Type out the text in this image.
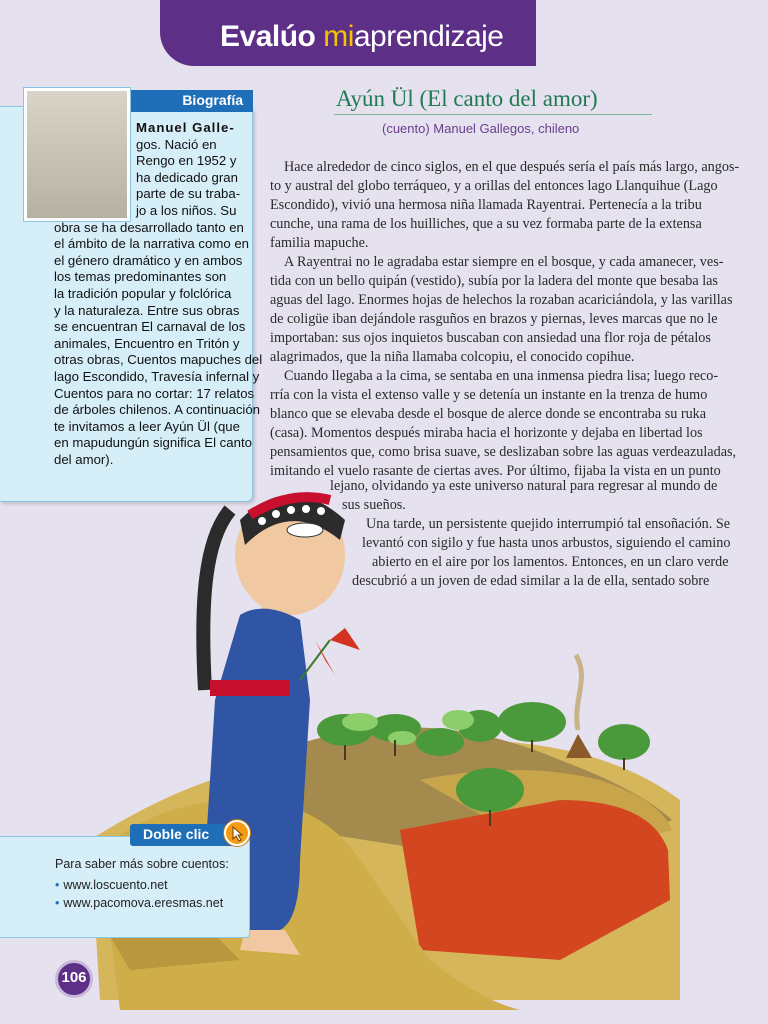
Evalúo miaprendizaje
Biografía
Manuel Galle-
gos. Nació en
Rengo en 1952 y
ha dedicado gran
parte de su traba-
jo a los niños. Su
obra se ha desarrollado tanto en
el ámbito de la narrativa como en
el género dramático y en ambos
los temas predominantes son
la tradición popular y folclórica
y la naturaleza. Entre sus obras
se encuentran El carnaval de los
animales, Encuentro en Tritón y
otras obras, Cuentos mapuches del
lago Escondido, Travesía infernal y
Cuentos para no cortar: 17 relatos
de árboles chilenos. A continuación
te invitamos a leer Ayún Ül (que
en mapudungún significa El canto
del amor).
Ayún Ül (El canto del amor)
(cuento) Manuel Gallegos, chileno
Hace alrededor de cinco siglos, en el que después sería el país más largo, angos-
to y austral del globo terráqueo, y a orillas del entonces lago Llanquihue (Lago
Escondido), vivió una hermosa niña llamada Rayentrai. Pertenecía a la tribu
cunche, una rama de los huilliches, que a su vez formaba parte de la extensa
familia mapuche.
A Rayentrai no le agradaba estar siempre en el bosque, y cada amanecer, ves-
tida con un bello quipán (vestido), subía por la ladera del monte que besaba las
aguas del lago. Enormes hojas de helechos la rozaban acariciándola, y las varillas
de coligüe iban dejándole rasguños en brazos y piernas, leves marcas que no le
importaban: sus ojos inquietos buscaban con ansiedad una flor roja de pétalos
alagrimados, que la niña llamaba colcopiu, el conocido copihue.
Cuando llegaba a la cima, se sentaba en una inmensa piedra lisa; luego reco-
rría con la vista el extenso valle y se detenía un instante en la trenza de humo
blanco que se elevaba desde el bosque de alerce donde se encontraba su ruka
(casa). Momentos después miraba hacia el horizonte y dejaba en libertad los
pensamientos que, como brisa suave, se deslizaban sobre las aguas verdeazuladas,
imitando el vuelo rasante de ciertas aves. Por último, fijaba la vista en un punto
lejano, olvidando ya este universo natural para regresar al mundo de
sus sueños.
Una tarde, un persistente quejido interrumpió tal ensoñación. Se
levantó con sigilo y fue hasta unos arbustos, siguiendo el camino
abierto en el aire por los lamentos. Entonces, en un claro verde
descubrió a un joven de edad similar a la de ella, sentado sobre
Doble clic
Para saber más sobre cuentos:
• www.loscuento.net
• www.pacomova.eresmas.net
106
